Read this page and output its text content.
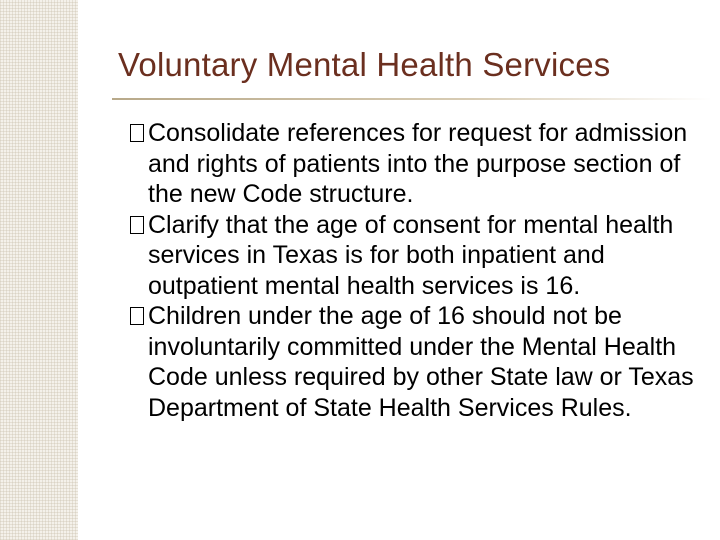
Voluntary Mental Health Services
Consolidate references for request for admission and rights of patients into the purpose section of the new Code structure.
Clarify that the age of consent for mental health services in Texas is for both inpatient and outpatient mental health services is 16.
Children under the age of 16 should not be involuntarily committed under the Mental Health Code unless required by other State law or Texas Department of State Health Services Rules.
